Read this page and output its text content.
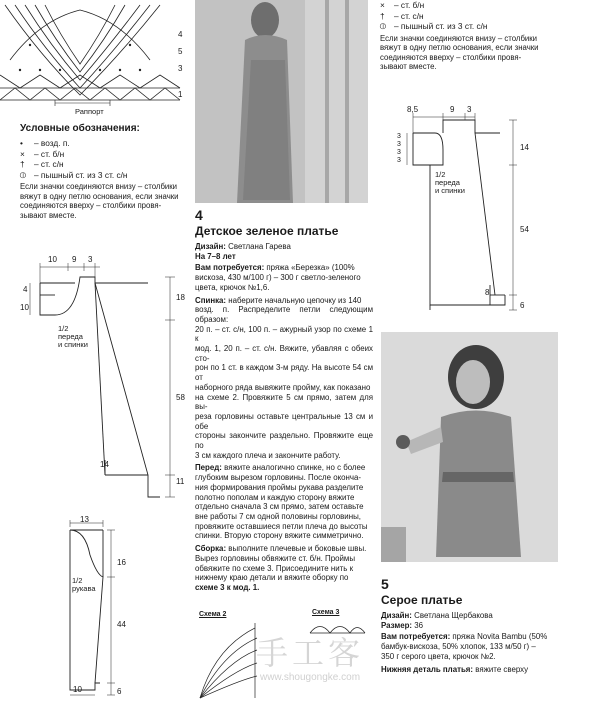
4
5
3
1
Раппорт
Условные обозначения:
• – возд. п.
× – ст. б/н
† – ст. с/н
⦶ – пышный ст. из 3 ст. с/н
Если значки соединяются внизу – столбики
вяжут в одну петлю основания, если значки
соединяются вверху – столбики провя-
зывают вместе.
10 9 3
4
10
18
58
11
14
1/2
переда
и спинки
13
16
44
6
10
1/2
рукава
4
Детское зеленое платье
Дизайн: Светлана Гарева
На 7–8 лет
Вам потребуется: пряжа «Березка» (100%
вискоза, 430 м/100 г) – 300 г светло-зеленого
цвета, крючок №1,6.
Спинка: наберите начальную цепочку из 140
возд. п. Распределите петли следующим образом:
20 п. – ст. с/н, 100 п. – ажурный узор по схеме 1 к
мод. 1, 20 п. – ст. с/н. Вяжите, убавляя с обеих сто-
рон по 1 ст. в каждом 3-м ряду. На высоте 54 см от
наборного ряда вывяжите пройму, как показано
на схеме 2. Провяжите 5 см прямо, затем для вы-
реза горловины оставьте центральные 13 см и обе
стороны закончите раздельно. Провяжите еще по
3 см каждого плеча и закончите работу.
Перед: вяжите аналогично спинке, но с более
глубоким вырезом горловины. После оконча-
ния формирования проймы рукава разделите
полотно пополам и каждую сторону вяжите
отдельно сначала 3 см прямо, затем оставьте
вне работы 7 см одной половины горловины,
провяжите оставшиеся петли плеча до высоты
спинки. Вторую сторону вяжите симметрично.
Сборка: выполните плечевые и боковые швы.
Вырез горловины обвяжите ст. б/н. Проймы
обвяжите по схеме 3. Присоедините нить к
нижнему краю детали и вяжите оборку по
схеме 3 к мод. 1.
Схема 2	Схема 3
× – ст. б/н
† – ст. с/н
⦶ – пышный ст. из 3 ст. с/н
Если значки соединяются внизу – столбики
вяжут в одну петлю основания, если значки
соединяются вверху – столбики провя-
зывают вместе.
8,5	9 3
3
3
3
3
14
54
6
8
1/2
переда
и спинки
5
Серое платье
Дизайн: Светлана Щербакова
Размер: 36
Вам потребуется: пряжа Novita Bambu (50%
бамбук-вискоза, 50% хлопок, 133 м/50 г) –
350 г серого цвета, крючок №2.
Нижняя деталь платья: вяжите сверху
手工客
www.shougongke.com
